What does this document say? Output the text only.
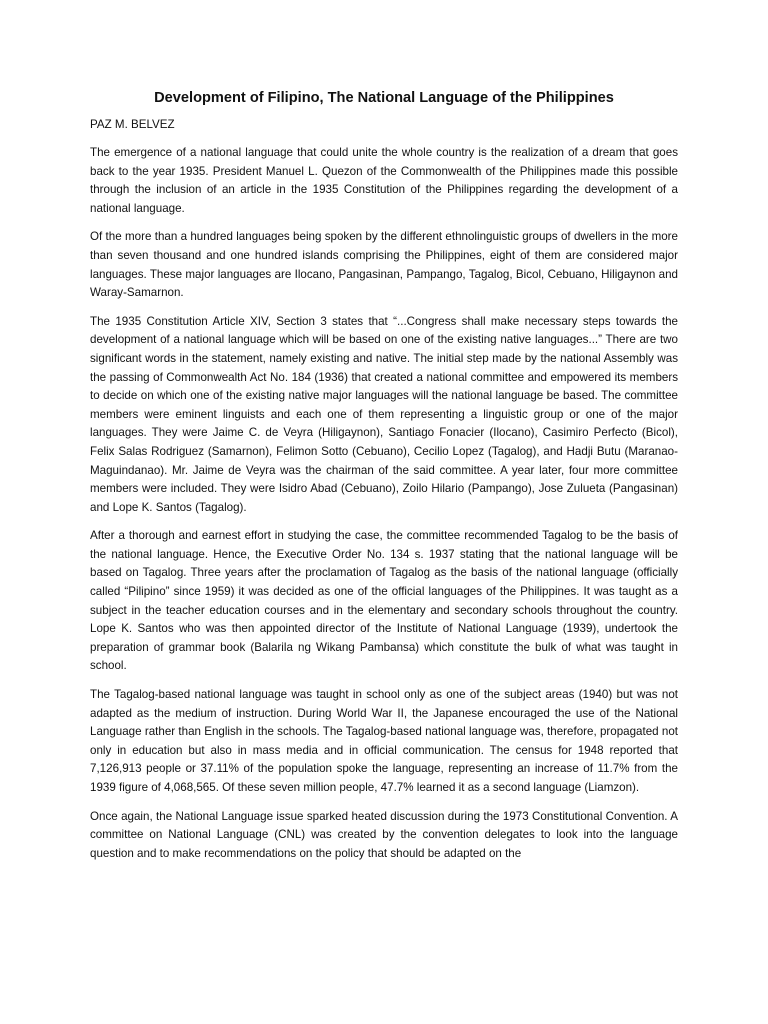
Development of Filipino, The National Language of the Philippines

PAZ M. BELVEZ

The emergence of a national language that could unite the whole country is the realization of a dream that goes back to the year 1935. President Manuel L. Quezon of the Commonwealth of the Philippines made this possible through the inclusion of an article in the 1935 Constitution of the Philippines regarding the development of a national language.

Of the more than a hundred languages being spoken by the different ethnolinguistic groups of dwellers in the more than seven thousand and one hundred islands comprising the Philippines, eight of them are considered major languages. These major languages are Ilocano, Pangasinan, Pampango, Tagalog, Bicol, Cebuano, Hiligaynon and Waray-Samarnon.

The 1935 Constitution Article XIV, Section 3 states that “...Congress shall make necessary steps towards the development of a national language which will be based on one of the existing native languages...” There are two significant words in the statement, namely existing and native. The initial step made by the national Assembly was the passing of Commonwealth Act No. 184 (1936) that created a national committee and empowered its members to decide on which one of the existing native major languages will the national language be based. The committee members were eminent linguists and each one of them representing a linguistic group or one of the major languages. They were Jaime C. de Veyra (Hiligaynon), Santiago Fonacier (Ilocano), Casimiro Perfecto (Bicol), Felix Salas Rodriguez (Samarnon), Felimon Sotto (Cebuano), Cecilio Lopez (Tagalog), and Hadji Butu (Maranao-Maguindanao). Mr. Jaime de Veyra was the chairman of the said committee. A year later, four more committee members were included. They were Isidro Abad (Cebuano), Zoilo Hilario (Pampango), Jose Zulueta (Pangasinan) and Lope K. Santos (Tagalog).

After a thorough and earnest effort in studying the case, the committee recommended Tagalog to be the basis of the national language. Hence, the Executive Order No. 134 s. 1937 stating that the national language will be based on Tagalog. Three years after the proclamation of Tagalog as the basis of the national language (officially called “Pilipino” since 1959) it was decided as one of the official languages of the Philippines. It was taught as a subject in the teacher education courses and in the elementary and secondary schools throughout the country. Lope K. Santos who was then appointed director of the Institute of National Language (1939), undertook the preparation of grammar book (Balarila ng Wikang Pambansa) which constitute the bulk of what was taught in school.

The Tagalog-based national language was taught in school only as one of the subject areas (1940) but was not adapted as the medium of instruction. During World War II, the Japanese encouraged the use of the National Language rather than English in the schools. The Tagalog-based national language was, therefore, propagated not only in education but also in mass media and in official communication. The census for 1948 reported that 7,126,913 people or 37.11% of the population spoke the language, representing an increase of 11.7% from the 1939 figure of 4,068,565. Of these seven million people, 47.7% learned it as a second language (Liamzon).

Once again, the National Language issue sparked heated discussion during the 1973 Constitutional Convention. A committee on National Language (CNL) was created by the convention delegates to look into the language question and to make recommendations on the policy that should be adapted on the
